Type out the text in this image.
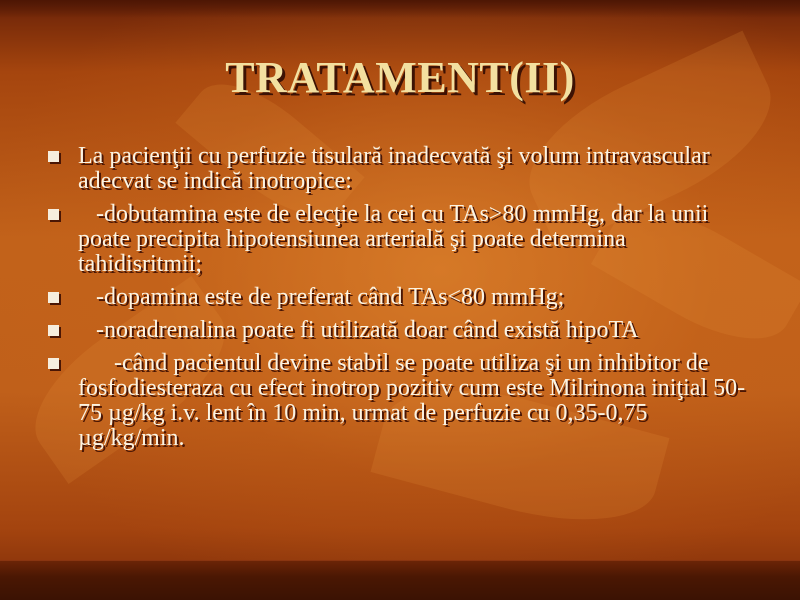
TRATAMENT(II)
La pacienţii cu perfuzie tisulară inadecvată şi volum intravascular adecvat se indică inotropice:
-dobutamina este de elecţie la cei cu TAs>80 mmHg, dar la unii poate precipita hipotensiunea arterială şi poate determina tahidisritmii;
-dopamina este de preferat când TAs<80 mmHg;
-noradrenalina poate fi utilizată doar când există hipoTA
-când pacientul devine stabil se poate utiliza şi un inhibitor de fosfodiesteraza cu efect inotrop pozitiv cum este Milrinona iniţial 50-75 µg/kg i.v. lent în 10 min, urmat de perfuzie cu 0,35-0,75 µg/kg/min.
